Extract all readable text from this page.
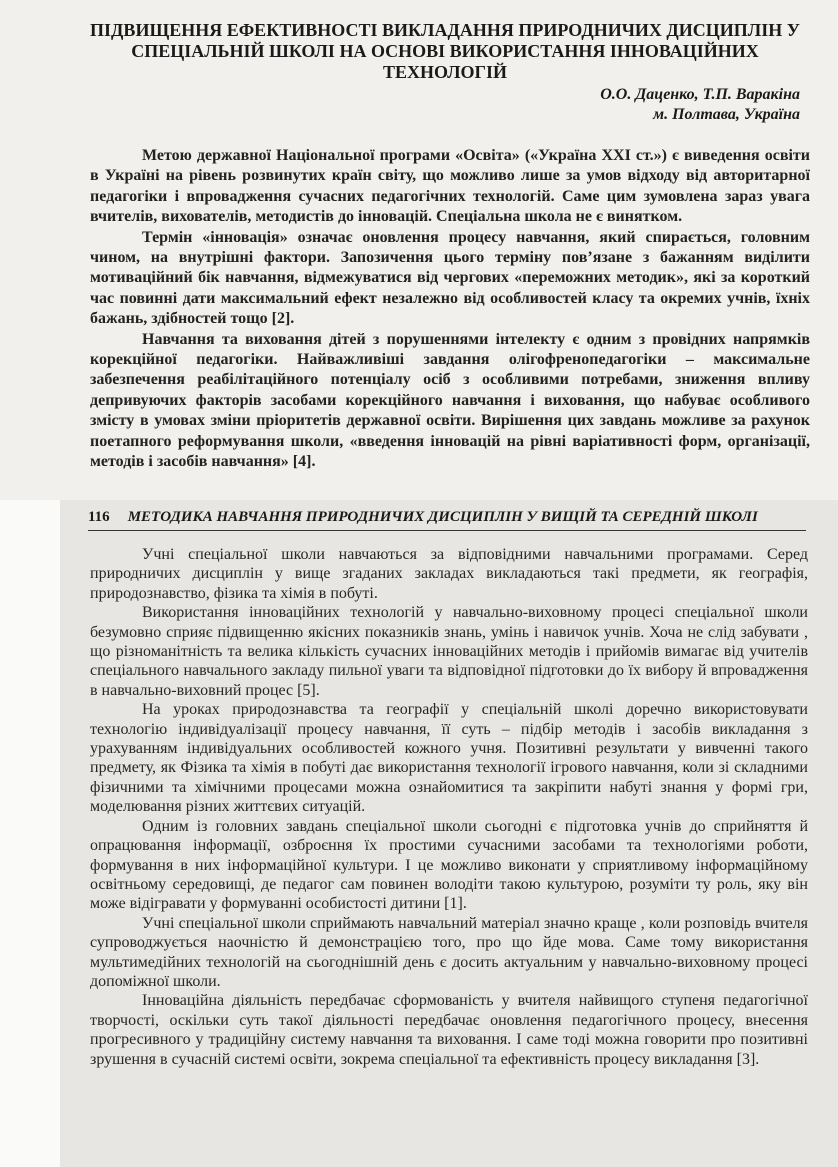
ПІДВИЩЕННЯ ЕФЕКТИВНОСТІ ВИКЛАДАННЯ ПРИРОДНИЧИХ ДИСЦИПЛІН У СПЕЦІАЛЬНІЙ ШКОЛІ НА ОСНОВІ ВИКОРИСТАННЯ ІННОВАЦІЙНИХ ТЕХНОЛОГІЙ
О.О. Даценко, Т.П. Варакіна
м. Полтава, Україна

Метою державної Національної програми «Освіта» («Україна XXI ст.») є виведення освіти в Україні на рівень розвинутих країн світу, що можливо лише за умов відходу від авторитарної педагогіки і впровадження сучасних педагогічних технологій. Саме цим зумовлена зараз увага вчителів, вихователів, методистів до інновацій. Спеціальна школа не є винятком.

Термін «інновація» означає оновлення процесу навчання, який спирається, головним чином, на внутрішні фактори. Запозичення цього терміну пов’язане з бажанням виділити мотиваційний бік навчання, відмежуватися від чергових «переможних методик», які за короткий час повинні дати максимальний ефект незалежно від особливостей класу та окремих учнів, їхніх бажань, здібностей тощо [2].

Навчання та виховання дітей з порушеннями інтелекту є одним з провідних напрямків корекційної педагогіки. Найважливіші завдання олігофренопедагогіки – максимальне забезпечення реабілітаційного потенціалу осіб з особливими потребами, зниження впливу депривуючих факторів засобами корекційного навчання і виховання, що набуває особливого змісту в умовах зміни пріоритетів державної освіти. Вирішення цих завдань можливе за рахунок поетапного реформування школи, «введення інновацій на рівні варіативності форм, організації, методів і засобів навчання» [4].

116 МЕТОДИКА НАВЧАННЯ ПРИРОДНИЧИХ ДИСЦИПЛІН У ВИЩІЙ ТА СЕРЕДНІЙ ШКОЛІ

Учні спеціальної школи навчаються за відповідними навчальними програмами. Серед природничих дисциплін у вище згаданих закладах викладаються такі предмети, як географія, природознавство, фізика та хімія в побуті.

Використання інноваційних технологій у навчально-виховному процесі спеціальної школи безумовно сприяє підвищенню якісних показників знань, умінь і навичок учнів. Хоча не слід забувати , що різноманітність та велика кількість сучасних інноваційних методів і прийомів вимагає від учителів спеціального навчального закладу пильної уваги та відповідної підготовки до їх вибору й впровадження в навчально-виховний процес [5].

На уроках природознавства та географії у спеціальній школі доречно використовувати технологію індивідуалізації процесу навчання, її суть – підбір методів і засобів викладання з урахуванням індивідуальних особливостей кожного учня. Позитивні результати у вивченні такого предмету, як Фізика та хімія в побуті дає використання технології ігрового навчання, коли зі складними фізичними та хімічними процесами можна ознайомитися та закріпити набуті знання у формі гри, моделювання різних життєвих ситуацій.

Одним із головних завдань спеціальної школи сьогодні є підготовка учнів до сприйняття й опрацювання інформації, озброєння їх простими сучасними засобами та технологіями роботи, формування в них інформаційної культури. І це можливо виконати у сприятливому інформаційному освітньому середовищі, де педагог сам повинен володіти такою культурою, розуміти ту роль, яку він може відігравати у формуванні особистості дитини [1].

Учні спеціальної школи сприймають навчальний матеріал значно краще , коли розповідь вчителя супроводжується наочністю й демонстрацією того, про що йде мова. Саме тому використання мультимедійних технологій на сьогоднішній день є досить актуальним у навчально-виховному процесі допоміжної школи.

Інноваційна діяльність передбачає сформованість у вчителя найвищого ступеня педагогічної творчості, оскільки суть такої діяльності передбачає оновлення педагогічного процесу, внесення прогресивного у традиційну систему навчання та виховання. І саме тоді можна говорити про позитивні зрушення в сучасній системі освіти, зокрема спеціальної та ефективність процесу викладання [3].
